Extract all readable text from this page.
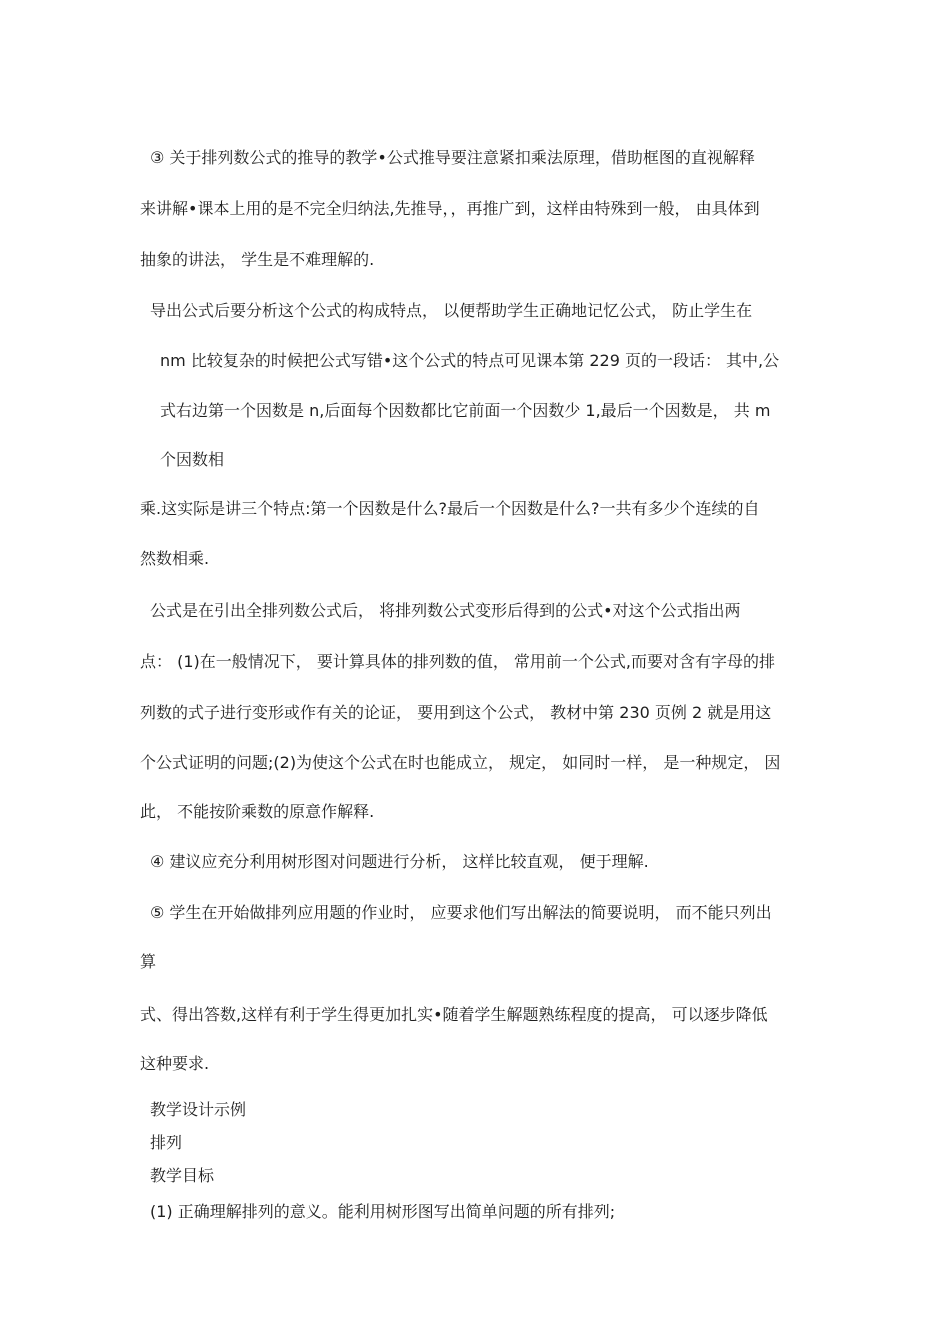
③ 关于排列数公式的推导的教学•公式推导要注意紧扣乘法原理，借助框图的直视解释
来讲解•课本上用的是不完全归纳法,先推导，，再推广到，这样由特殊到一般， 由具体到
抽象的讲法， 学生是不难理解的.
导出公式后要分析这个公式的构成特点， 以便帮助学生正确地记忆公式， 防止学生在
nm 比较复杂的时候把公式写错•这个公式的特点可见课本第 229 页的一段话： 其中,公
式右边第一个因数是 n,后面每个因数都比它前面一个因数少 1,最后一个因数是， 共 m
个因数相
乘.这实际是讲三个特点:第一个因数是什么?最后一个因数是什么?一共有多少个连续的自
然数相乘.
公式是在引出全排列数公式后， 将排列数公式变形后得到的公式•对这个公式指出两
点： (1)在一般情况下， 要计算具体的排列数的值， 常用前一个公式,而要对含有字母的排
列数的式子进行变形或作有关的论证， 要用到这个公式， 教材中第 230 页例 2 就是用这
个公式证明的问题;(2)为使这个公式在时也能成立， 规定， 如同时一样， 是一种规定， 因
此， 不能按阶乘数的原意作解释.
④ 建议应充分利用树形图对问题进行分析， 这样比较直观， 便于理解.
⑤ 学生在开始做排列应用题的作业时， 应要求他们写出解法的简要说明， 而不能只列出
算
式、得出答数,这样有利于学生得更加扎实•随着学生解题熟练程度的提高， 可以逐步降低
这种要求.
教学设计示例
排列
教学目标
(1) 正确理解排列的意义。能利用树形图写出简单问题的所有排列;
